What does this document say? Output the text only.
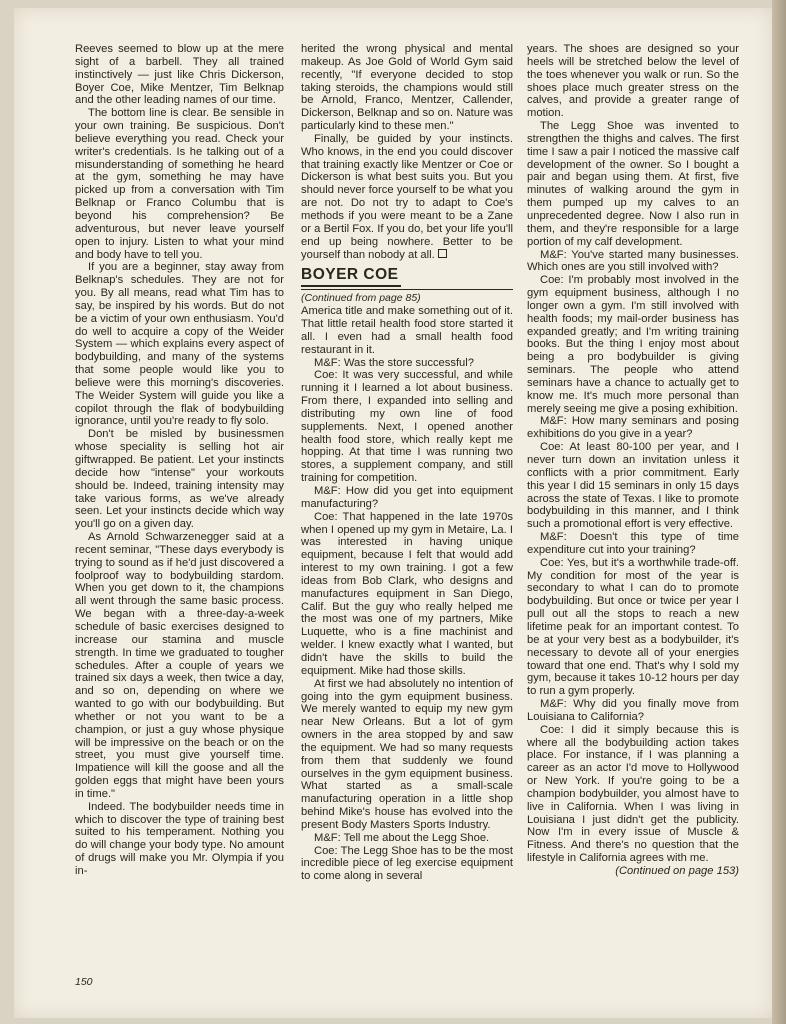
Reeves seemed to blow up at the mere sight of a barbell. They all trained instinctively — just like Chris Dickerson, Boyer Coe, Mike Mentzer, Tim Belknap and the other leading names of our time.

The bottom line is clear. Be sensible in your own training. Be suspicious. Don't believe everything you read. Check your writer's credentials. Is he talking out of a misunderstanding of something he heard at the gym, something he may have picked up from a conversation with Tim Belknap or Franco Columbu that is beyond his comprehension? Be adventurous, but never leave yourself open to injury. Listen to what your mind and body have to tell you.

If you are a beginner, stay away from Belknap's schedules. They are not for you. By all means, read what Tim has to say, be inspired by his words. But do not be a victim of your own enthusiasm. You'd do well to acquire a copy of the Weider System — which explains every aspect of bodybuilding, and many of the systems that some people would like you to believe were this morning's discoveries. The Weider System will guide you like a copilot through the flak of bodybuilding ignorance, until you're ready to fly solo.

Don't be misled by businessmen whose speciality is selling hot air giftwrapped. Be patient. Let your instincts decide how "intense" your workouts should be. Indeed, training intensity may take various forms, as we've already seen. Let your instincts decide which way you'll go on a given day.

As Arnold Schwarzenegger said at a recent seminar, "These days everybody is trying to sound as if he'd just discovered a foolproof way to bodybuilding stardom. When you get down to it, the champions all went through the same basic process. We began with a three-day-a-week schedule of basic exercises designed to increase our stamina and muscle strength. In time we graduated to tougher schedules. After a couple of years we trained six days a week, then twice a day, and so on, depending on where we wanted to go with our bodybuilding. But whether or not you want to be a champion, or just a guy whose physique will be impressive on the beach or on the street, you must give yourself time. Impatience will kill the goose and all the golden eggs that might have been yours in time."

Indeed. The bodybuilder needs time in which to discover the type of training best suited to his temperament. Nothing you do will change your body type. No amount of drugs will make you Mr. Olympia if you in-

herited the wrong physical and mental makeup. As Joe Gold of World Gym said recently, "If everyone decided to stop taking steroids, the champions would still be Arnold, Franco, Mentzer, Callender, Dickerson, Belknap and so on. Nature was particularly kind to these men."

Finally, be guided by your instincts. Who knows, in the end you could discover that training exactly like Mentzer or Coe or Dickerson is what best suits you. But you should never force yourself to be what you are not. Do not try to adapt to Coe's methods if you were meant to be a Zane or a Bertil Fox. If you do, bet your life you'll end up being nowhere. Better to be yourself than nobody at all.

BOYER COE

(Continued from page 85)

America title and make something out of it. That little retail health food store started it all. I even had a small health food restaurant in it.

M&F: Was the store successful?

Coe: It was very successful, and while running it I learned a lot about business. From there, I expanded into selling and distributing my own line of food supplements. Next, I opened another health food store, which really kept me hopping. At that time I was running two stores, a supplement company, and still training for competition.

M&F: How did you get into equipment manufacturing?

Coe: That happened in the late 1970s when I opened up my gym in Metaire, La. I was interested in having unique equipment, because I felt that would add interest to my own training. I got a few ideas from Bob Clark, who designs and manufactures equipment in San Diego, Calif. But the guy who really helped me the most was one of my partners, Mike Luquette, who is a fine machinist and welder. I knew exactly what I wanted, but didn't have the skills to build the equipment. Mike had those skills.

At first we had absolutely no intention of going into the gym equipment business. We merely wanted to equip my new gym near New Orleans. But a lot of gym owners in the area stopped by and saw the equipment. We had so many requests from them that suddenly we found ourselves in the gym equipment business. What started as a small-scale manufacturing operation in a little shop behind Mike's house has evolved into the present Body Masters Sports Industry.

M&F: Tell me about the Legg Shoe.

Coe: The Legg Shoe has to be the most incredible piece of leg exercise equipment to come along in several

years. The shoes are designed so your heels will be stretched below the level of the toes whenever you walk or run. So the shoes place much greater stress on the calves, and provide a greater range of motion.

The Legg Shoe was invented to strengthen the thighs and calves. The first time I saw a pair I noticed the massive calf development of the owner. So I bought a pair and began using them. At first, five minutes of walking around the gym in them pumped up my calves to an unprecedented degree. Now I also run in them, and they're responsible for a large portion of my calf development.

M&F: You've started many businesses. Which ones are you still involved with?

Coe: I'm probably most involved in the gym equipment business, although I no longer own a gym. I'm still involved with health foods; my mail-order business has expanded greatly; and I'm writing training books. But the thing I enjoy most about being a pro bodybuilder is giving seminars. The people who attend seminars have a chance to actually get to know me. It's much more personal than merely seeing me give a posing exhibition.

M&F: How many seminars and posing exhibitions do you give in a year?

Coe: At least 80-100 per year, and I never turn down an invitation unless it conflicts with a prior commitment. Early this year I did 15 seminars in only 15 days across the state of Texas. I like to promote bodybuilding in this manner, and I think such a promotional effort is very effective.

M&F: Doesn't this type of time expenditure cut into your training?

Coe: Yes, but it's a worthwhile trade-off. My condition for most of the year is secondary to what I can do to promote bodybuilding. But once or twice per year I pull out all the stops to reach a new lifetime peak for an important contest. To be at your very best as a bodybuilder, it's necessary to devote all of your energies toward that one end. That's why I sold my gym, because it takes 10-12 hours per day to run a gym properly.

M&F: Why did you finally move from Louisiana to California?

Coe: I did it simply because this is where all the bodybuilding action takes place. For instance, if I was planning a career as an actor I'd move to Hollywood or New York. If you're going to be a champion bodybuilder, you almost have to live in California. When I was living in Louisiana I just didn't get the publicity. Now I'm in every issue of Muscle & Fitness. And there's no question that the lifestyle in California agrees with me.

(Continued on page 153)

150
